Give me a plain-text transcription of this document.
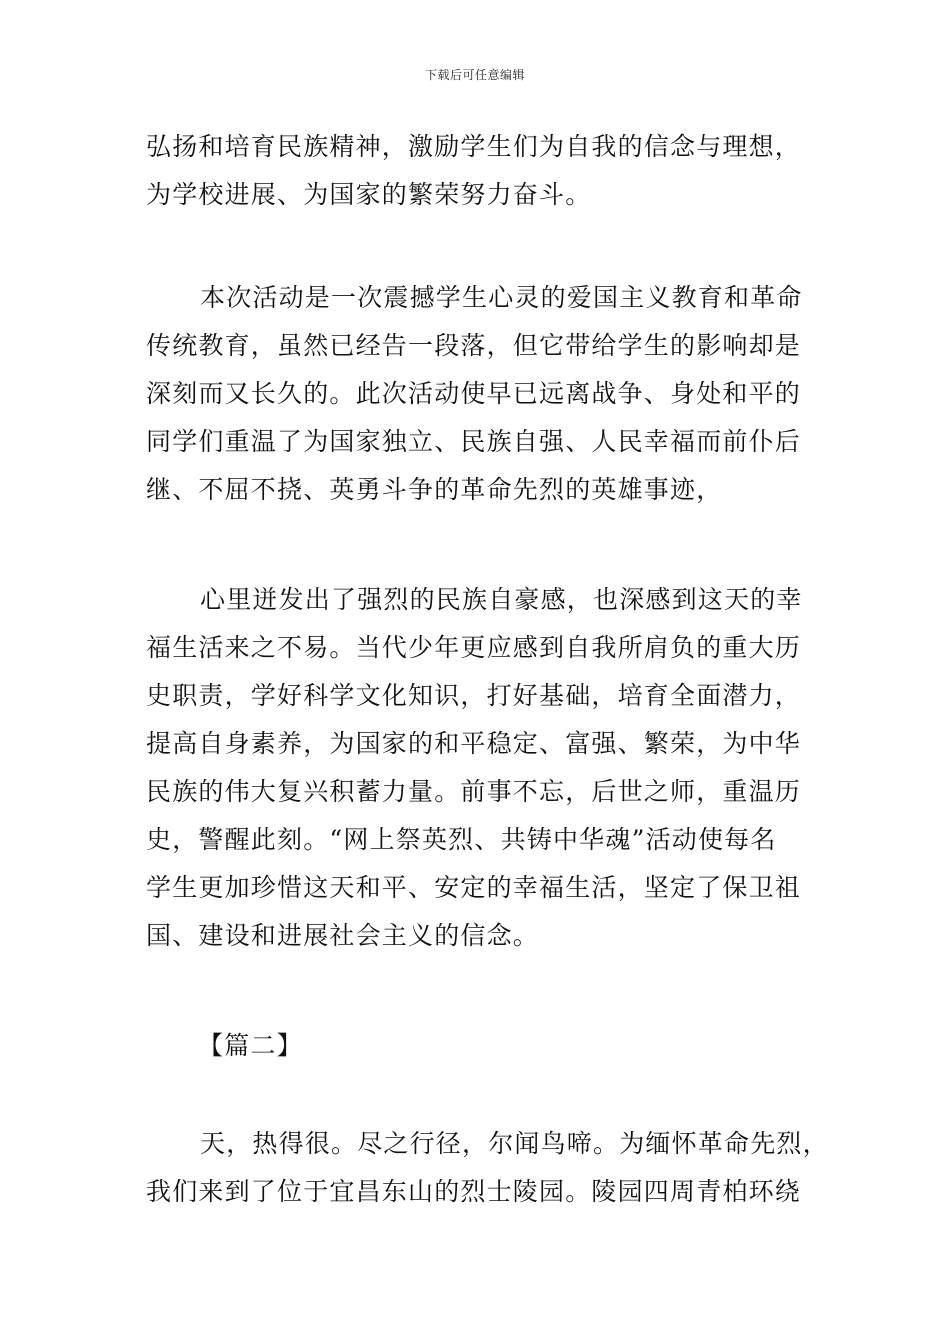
下载后可任意编辑
弘扬和培育民族精神，激励学生们为自我的信念与理想，
为学校进展、为国家的繁荣努力奋斗。
本次活动是一次震撼学生心灵的爱国主义教育和革命
传统教育，虽然已经告一段落，但它带给学生的影响却是
深刻而又长久的。此次活动使早已远离战争、身处和平的
同学们重温了为国家独立、民族自强、人民幸福而前仆后
继、不屈不挠、英勇斗争的革命先烈的英雄事迹，
心里迸发出了强烈的民族自豪感，也深感到这天的幸
福生活来之不易。当代少年更应感到自我所肩负的重大历
史职责，学好科学文化知识，打好基础，培育全面潜力，
提高自身素养，为国家的和平稳定、富强、繁荣，为中华
民族的伟大复兴积蓄力量。前事不忘，后世之师，重温历
史，警醒此刻。“网上祭英烈、共铸中华魂”活动使每名
学生更加珍惜这天和平、安定的幸福生活，坚定了保卫祖
国、建设和进展社会主义的信念。
【篇二】
天，热得很。尽之行径，尔闻鸟啼。为缅怀革命先烈，
我们来到了位于宜昌东山的烈士陵园。陵园四周青柏环绕
